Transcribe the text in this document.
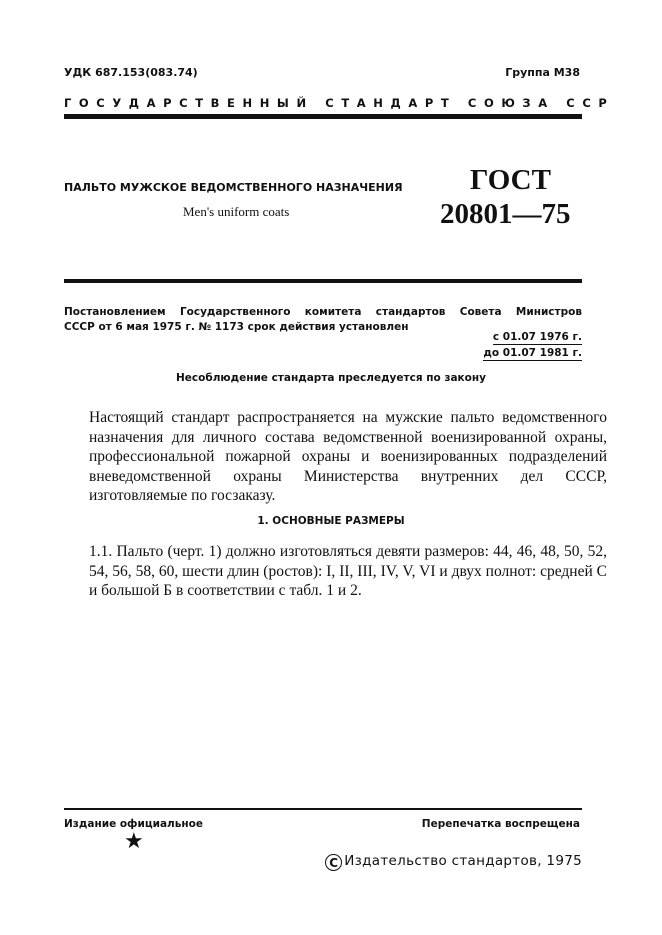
УДК 687.153(083.74)	Группа М38
ГОСУДАРСТВЕННЫЙ СТАНДАРТ СОЮЗА ССР
ПАЛЬТО МУЖСКОЕ ВЕДОМСТВЕННОГО НАЗНАЧЕНИЯ
Men's uniform coats
ГОСТ
20801—75
Постановлением Государственного комитета стандартов Совета Министров
СССР от 6 мая 1975 г. № 1173 срок действия установлен
с 01.07 1976 г.
до 01.07 1981 г.
Несоблюдение стандарта преследуется по закону

Настоящий стандарт распространяется на мужские пальто ведомственного назначения для личного состава ведомственной военизированной охраны, профессиональной пожарной охраны и военизированных подразделений вневедомственной охраны Министерства внутренних дел СССР, изготовляемые по госзаказу.

1. ОСНОВНЫЕ РАЗМЕРЫ

1.1. Пальто (черт. 1) должно изготовляться девяти размеров: 44, 46, 48, 50, 52, 54, 56, 58, 60, шести длин (ростов): I, II, III, IV, V, VI и двух полнот: средней С и большой Б в соответствии с табл. 1 и 2.

Издание официальное	Перепечатка воспрещена
★
C Издательство стандартов, 1975
